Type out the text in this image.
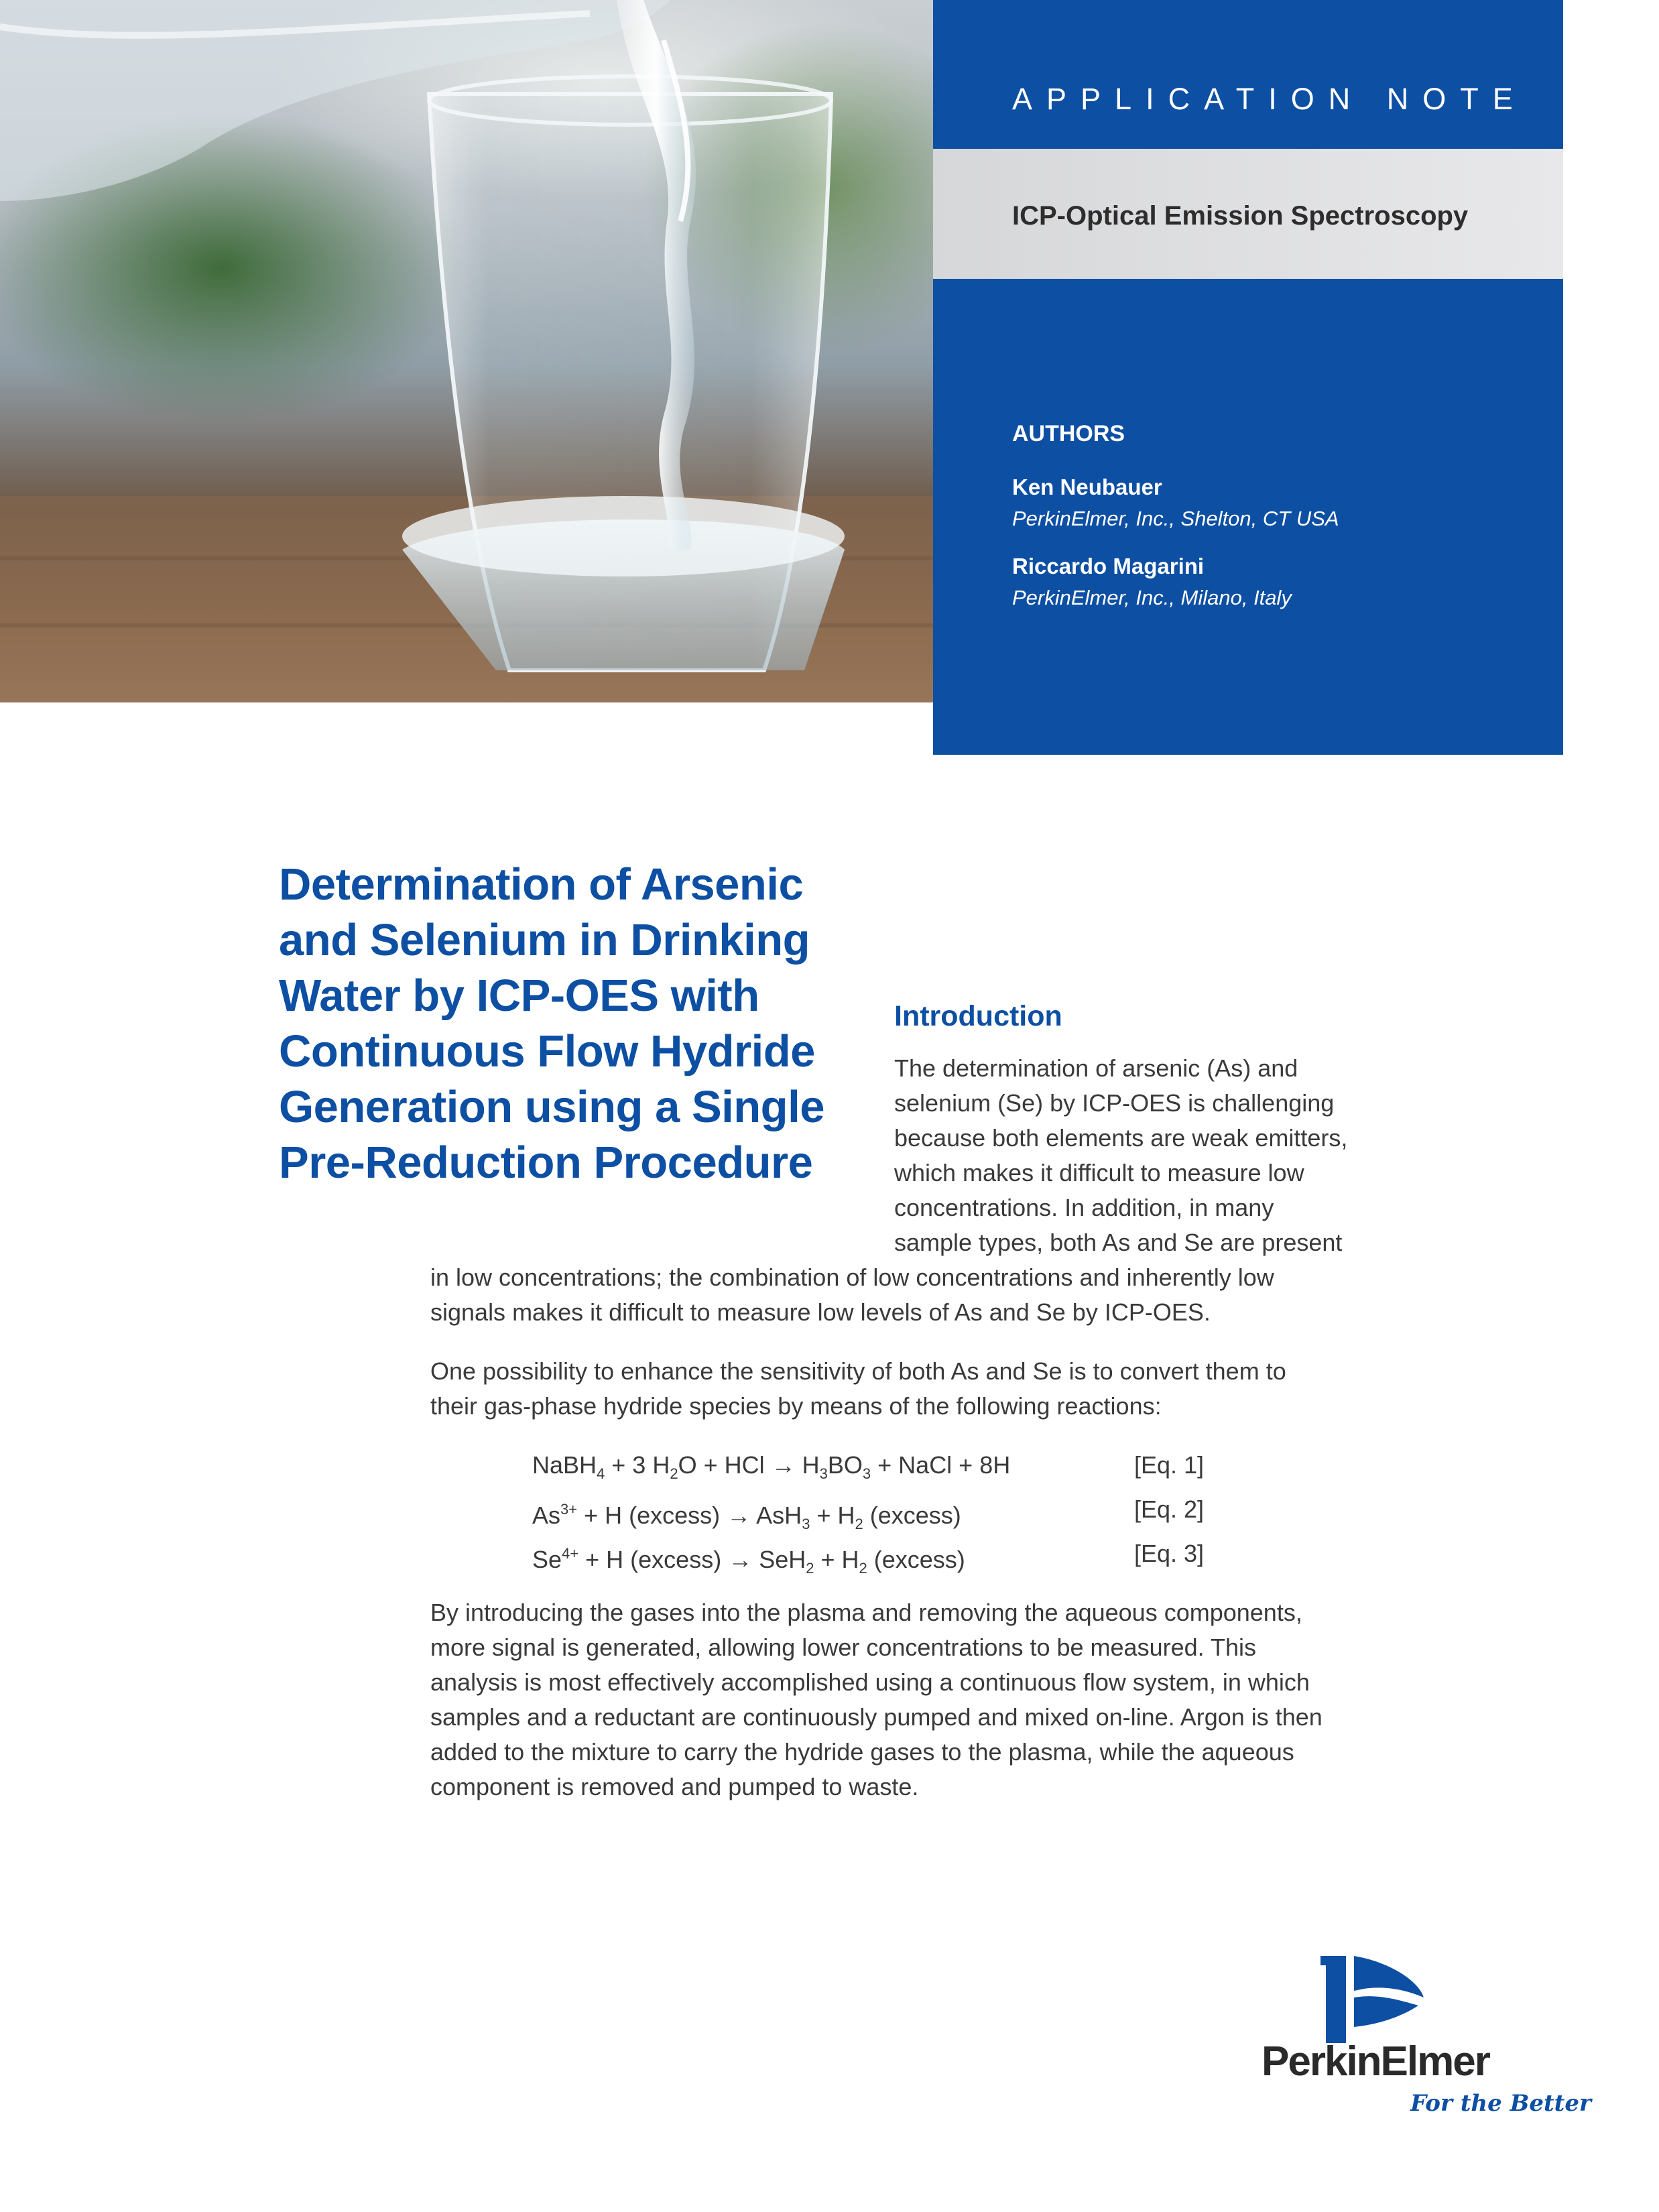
APPLICATION NOTE
ICP-Optical Emission Spectroscopy
AUTHORS
Ken Neubauer
PerkinElmer, Inc., Shelton, CT USA
Riccardo Magarini
PerkinElmer, Inc., Milano, Italy
Determination of Arsenic
and Selenium in Drinking
Water by ICP-OES with
Continuous Flow Hydride
Generation using a Single
Pre-Reduction Procedure
Introduction
The determination of arsenic (As) and
selenium (Se) by ICP-OES is challenging
because both elements are weak emitters,
which makes it difficult to measure low
concentrations. In addition, in many
sample types, both As and Se are present
in low concentrations; the combination of low concentrations and inherently low
signals makes it difficult to measure low levels of As and Se by ICP-OES.
One possibility to enhance the sensitivity of both As and Se is to convert them to
their gas-phase hydride species by means of the following reactions:
NaBH$_4$ + 3 $H_2O$ + HCl → $H_3BO_3$ + NaCl + 8H	[Eq. 1]
$As^{3+} + H$ (excess) → $AsH_3 + H_2$ (excess)	[Eq. 2]
$Se^{4+} + H$ (excess) → $SeH_2 + H_2$ (excess)	[Eq. 3]
By introducing the gases into the plasma and removing the aqueous components,
more signal is generated, allowing lower concentrations to be measured. This
analysis is most effectively accomplished using a continuous flow system, in which
samples and a reductant are continuously pumped and mixed on-line. Argon is then
added to the mixture to carry the hydride gases to the plasma, while the aqueous
component is removed and pumped to waste.
PerkinElmer
For the Better
